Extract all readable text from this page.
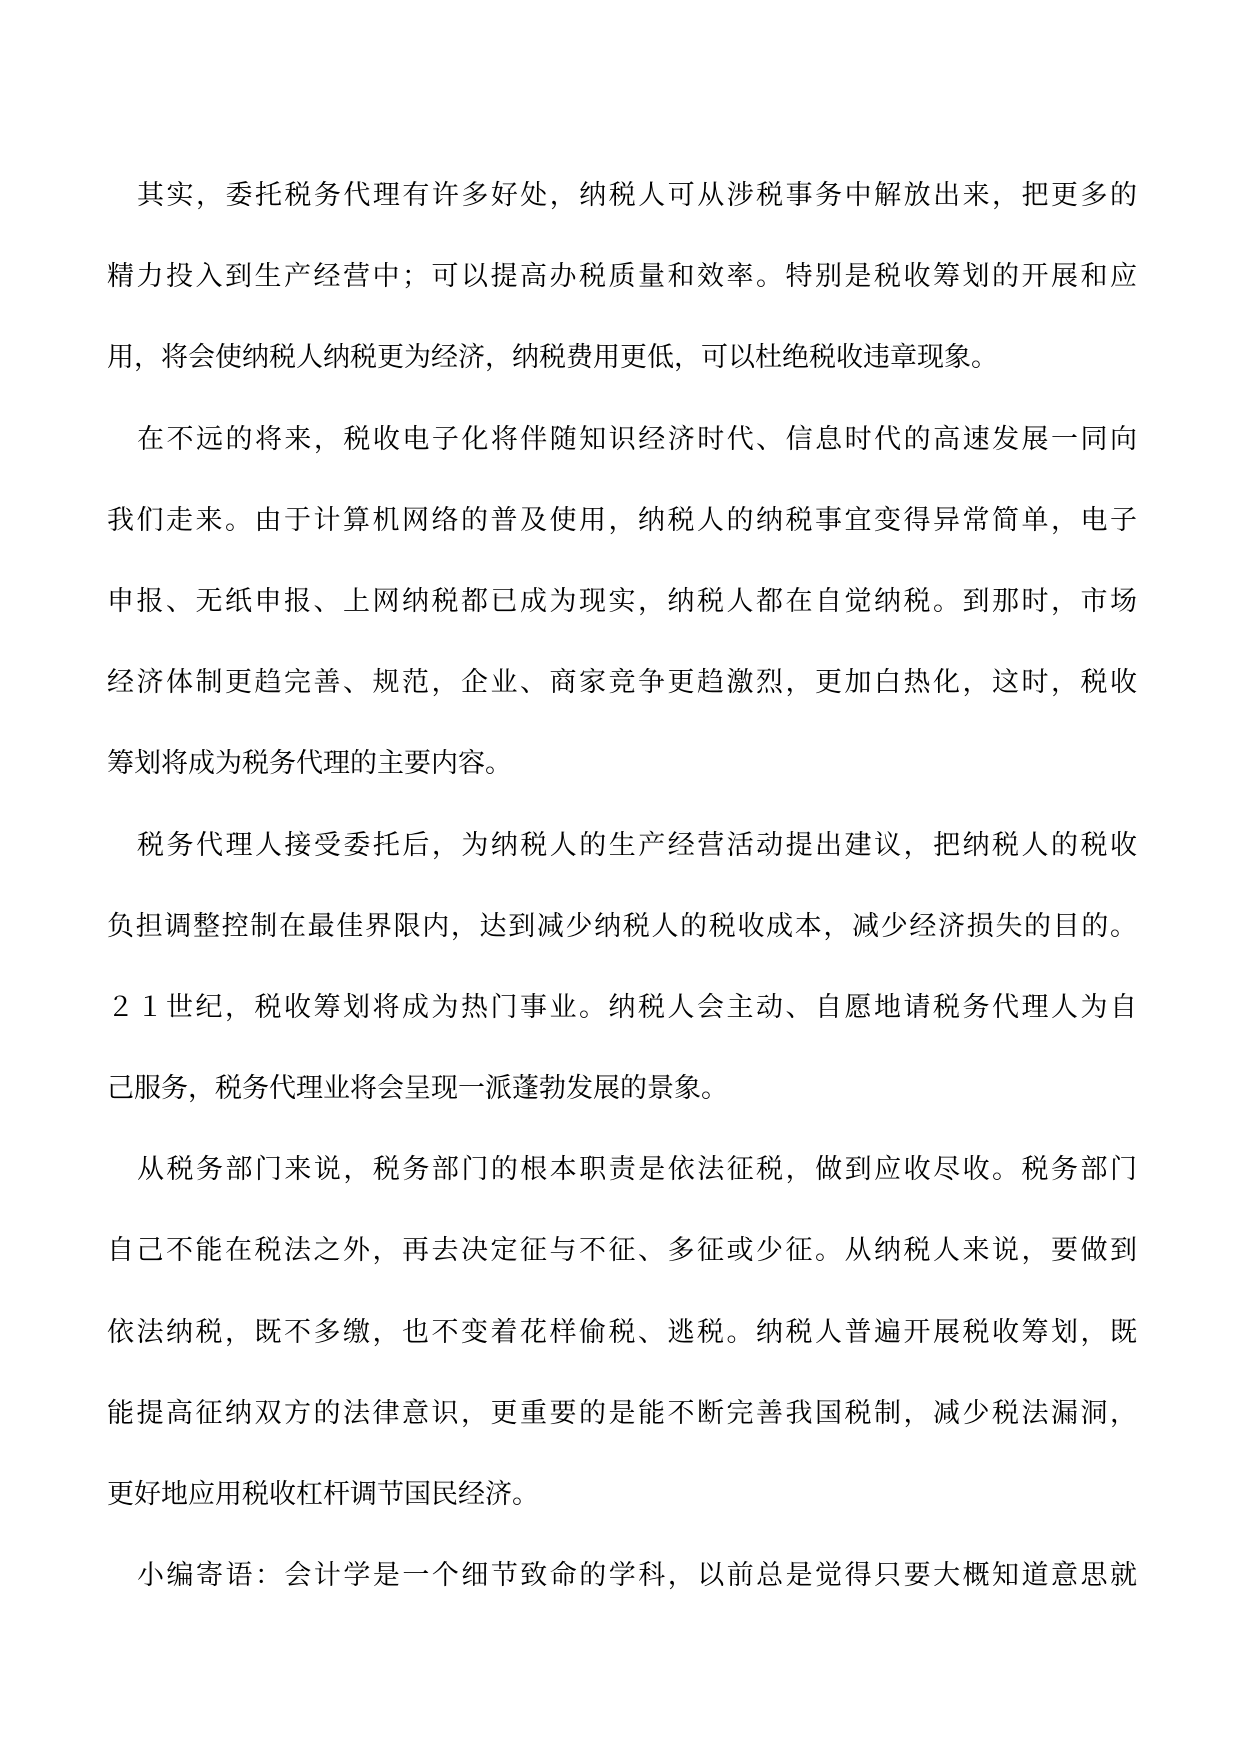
其实，委托税务代理有许多好处，纳税人可从涉税事务中解放出来，把更多的
精力投入到生产经营中；可以提高办税质量和效率。特别是税收筹划的开展和应
用，将会使纳税人纳税更为经济，纳税费用更低，可以杜绝税收违章现象。
在不远的将来，税收电子化将伴随知识经济时代、信息时代的高速发展一同向
我们走来。由于计算机网络的普及使用，纳税人的纳税事宜变得异常简单，电子
申报、无纸申报、上网纳税都已成为现实，纳税人都在自觉纳税。到那时，市场
经济体制更趋完善、规范，企业、商家竞争更趋激烈，更加白热化，这时，税收
筹划将成为税务代理的主要内容。
税务代理人接受委托后，为纳税人的生产经营活动提出建议，把纳税人的税收
负担调整控制在最佳界限内，达到减少纳税人的税收成本，减少经济损失的目的。
２１世纪，税收筹划将成为热门事业。纳税人会主动、自愿地请税务代理人为自
己服务，税务代理业将会呈现一派蓬勃发展的景象。
从税务部门来说，税务部门的根本职责是依法征税，做到应收尽收。税务部门
自己不能在税法之外，再去决定征与不征、多征或少征。从纳税人来说，要做到
依法纳税，既不多缴，也不变着花样偷税、逃税。纳税人普遍开展税收筹划，既
能提高征纳双方的法律意识，更重要的是能不断完善我国税制，减少税法漏洞，
更好地应用税收杠杆调节国民经济。
小编寄语：会计学是一个细节致命的学科，以前总是觉得只要大概知道意思就
